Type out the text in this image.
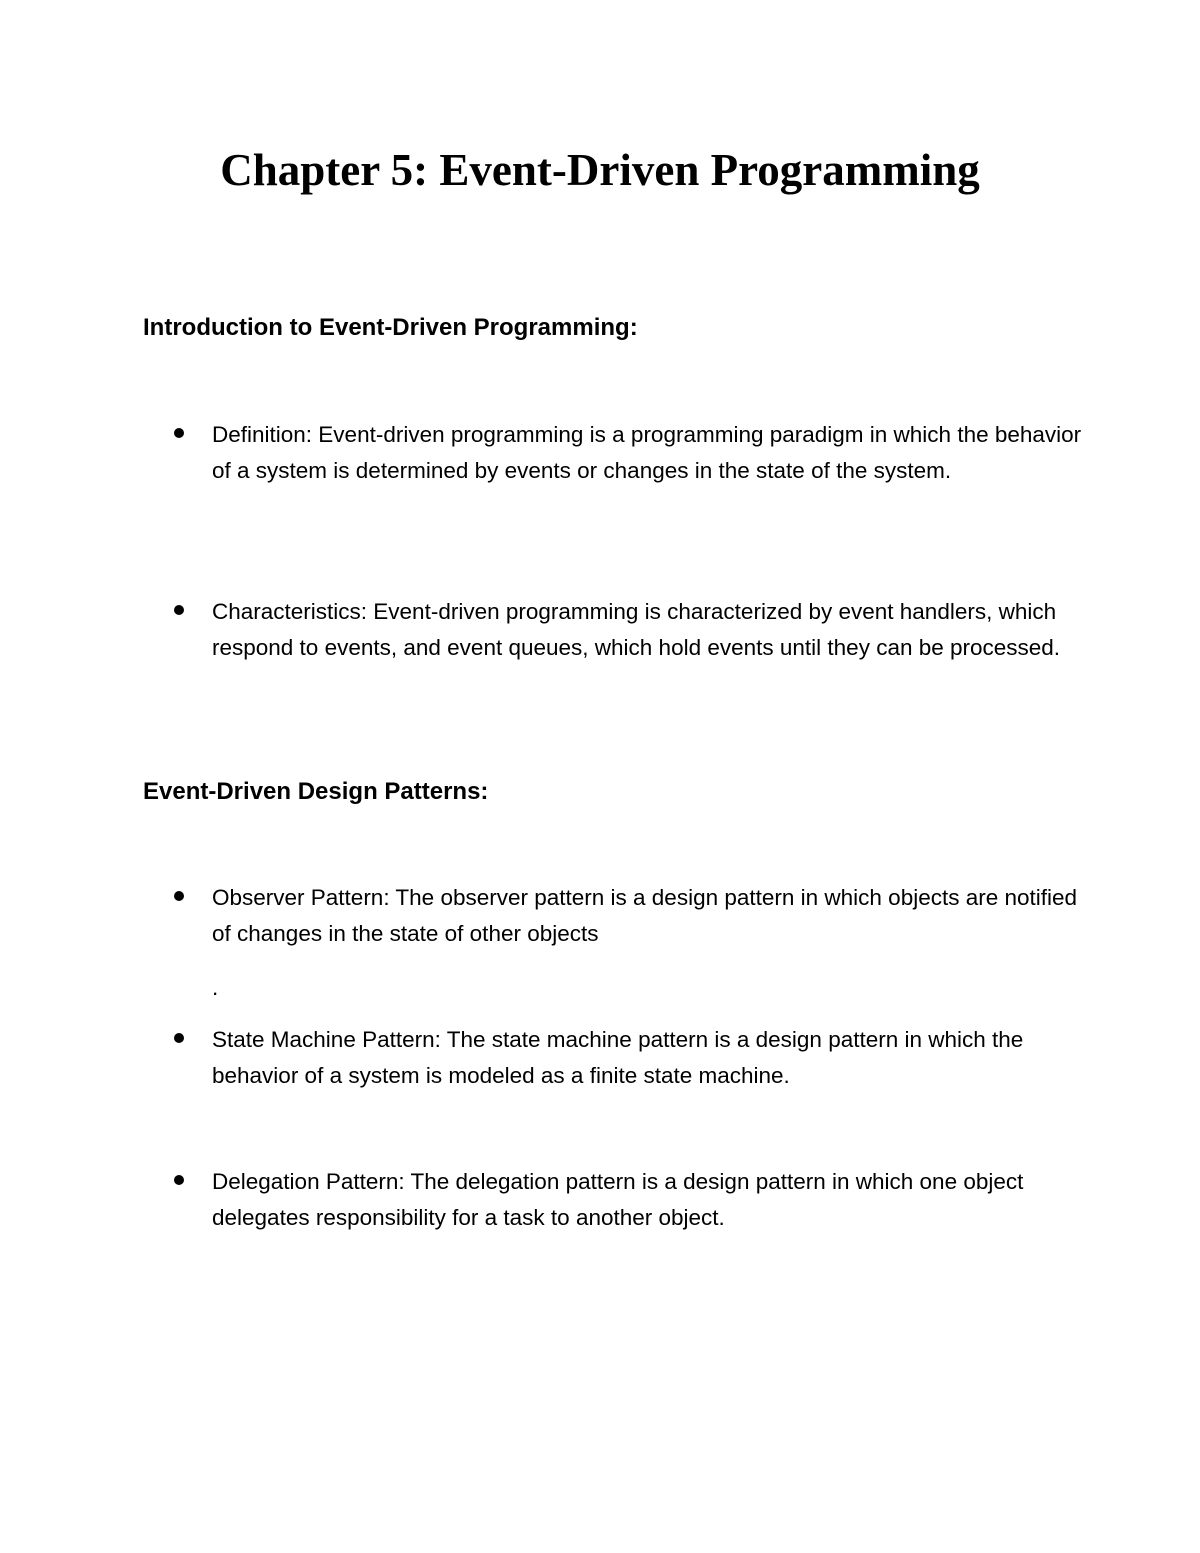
Chapter 5: Event-Driven Programming
Introduction to Event-Driven Programming:

Definition: Event-driven programming is a programming paradigm in which the behavior of a system is determined by events or changes in the state of the system.

Characteristics: Event-driven programming is characterized by event handlers, which respond to events, and event queues, which hold events until they can be processed.

Event-Driven Design Patterns:

Observer Pattern: The observer pattern is a design pattern in which objects are notified of changes in the state of other objects

.

State Machine Pattern: The state machine pattern is a design pattern in which the behavior of a system is modeled as a finite state machine.

Delegation Pattern: The delegation pattern is a design pattern in which one object delegates responsibility for a task to another object.
